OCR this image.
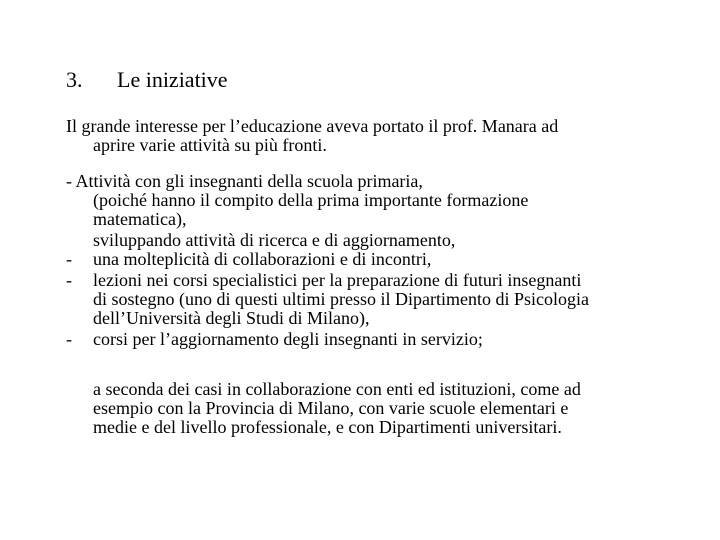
3. Le iniziative
Il grande interesse per l’educazione aveva portato il prof. Manara ad
aprire varie attività su più fronti.
- Attività con gli insegnanti della scuola primaria,
(poiché hanno il compito della prima importante formazione
matematica),
sviluppando attività di ricerca e di aggiornamento,
- una molteplicità di collaborazioni e di incontri,
- lezioni nei corsi specialistici per la preparazione di futuri insegnanti
di sostegno (uno di questi ultimi presso il Dipartimento di Psicologia
dell’Università degli Studi di Milano),
- corsi per l’aggiornamento degli insegnanti in servizio;
a seconda dei casi in collaborazione con enti ed istituzioni, come ad
esempio con la Provincia di Milano, con varie scuole elementari e
medie e del livello professionale, e con Dipartimenti universitari.
